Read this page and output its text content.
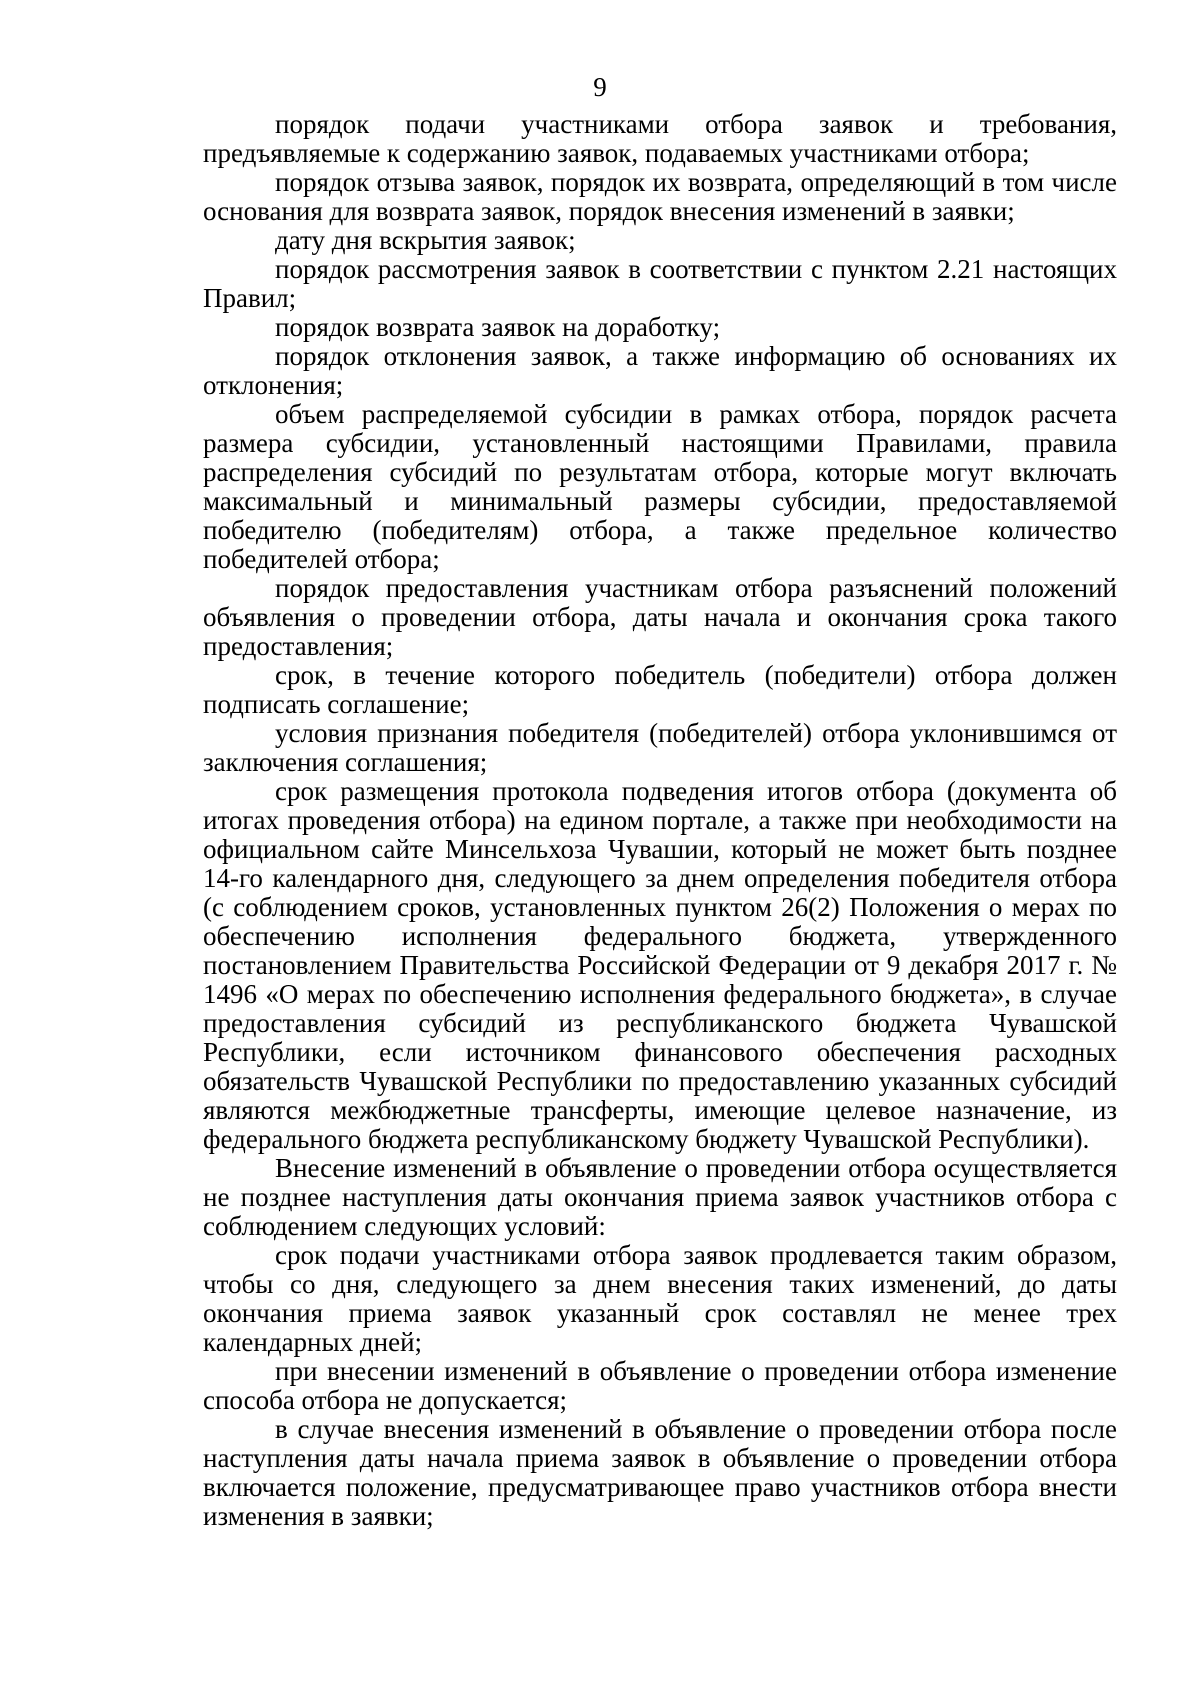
9

порядок подачи участниками отбора заявок и требования, предъявляемые к содержанию заявок, подаваемых участниками отбора;

порядок отзыва заявок, порядок их возврата, определяющий в том числе основания для возврата заявок, порядок внесения изменений в заявки;

дату дня вскрытия заявок;

порядок рассмотрения заявок в соответствии с пунктом 2.21 настоящих Правил;

порядок возврата заявок на доработку;

порядок отклонения заявок, а также информацию об основаниях их отклонения;

объем распределяемой субсидии в рамках отбора, порядок расчета размера субсидии, установленный настоящими Правилами, правила распределения субсидий по результатам отбора, которые могут включать максимальный и минимальный размеры субсидии, предоставляемой победителю (победителям) отбора, а также предельное количество победителей отбора;

порядок предоставления участникам отбора разъяснений положений объявления о проведении отбора, даты начала и окончания срока такого предоставления;

срок, в течение которого победитель (победители) отбора должен подписать соглашение;

условия признания победителя (победителей) отбора уклонившимся от заключения соглашения;

срок размещения протокола подведения итогов отбора (документа об итогах проведения отбора) на едином портале, а также при необходимости на официальном сайте Минсельхоза Чувашии, который не может быть позднее 14-го календарного дня, следующего за днем определения победителя отбора (с соблюдением сроков, установленных пунктом 26(2) Положения о мерах по обеспечению исполнения федерального бюджета, утвержденного постановлением Правительства Российской Федерации от 9 декабря 2017 г. № 1496 «О мерах по обеспечению исполнения федерального бюджета», в случае предоставления субсидий из республиканского бюджета Чувашской Республики, если источником финансового обеспечения расходных обязательств Чувашской Республики по предоставлению указанных субсидий являются межбюджетные трансферты, имеющие целевое назначение, из федерального бюджета республиканскому бюджету Чувашской Республики).

Внесение изменений в объявление о проведении отбора осуществляется не позднее наступления даты окончания приема заявок участников отбора с соблюдением следующих условий:

срок подачи участниками отбора заявок продлевается таким образом, чтобы со дня, следующего за днем внесения таких изменений, до даты окончания приема заявок указанный срок составлял не менее трех календарных дней;

при внесении изменений в объявление о проведении отбора изменение способа отбора не допускается;

в случае внесения изменений в объявление о проведении отбора после наступления даты начала приема заявок в объявление о проведении отбора включается положение, предусматривающее право участников отбора внести изменения в заявки;
